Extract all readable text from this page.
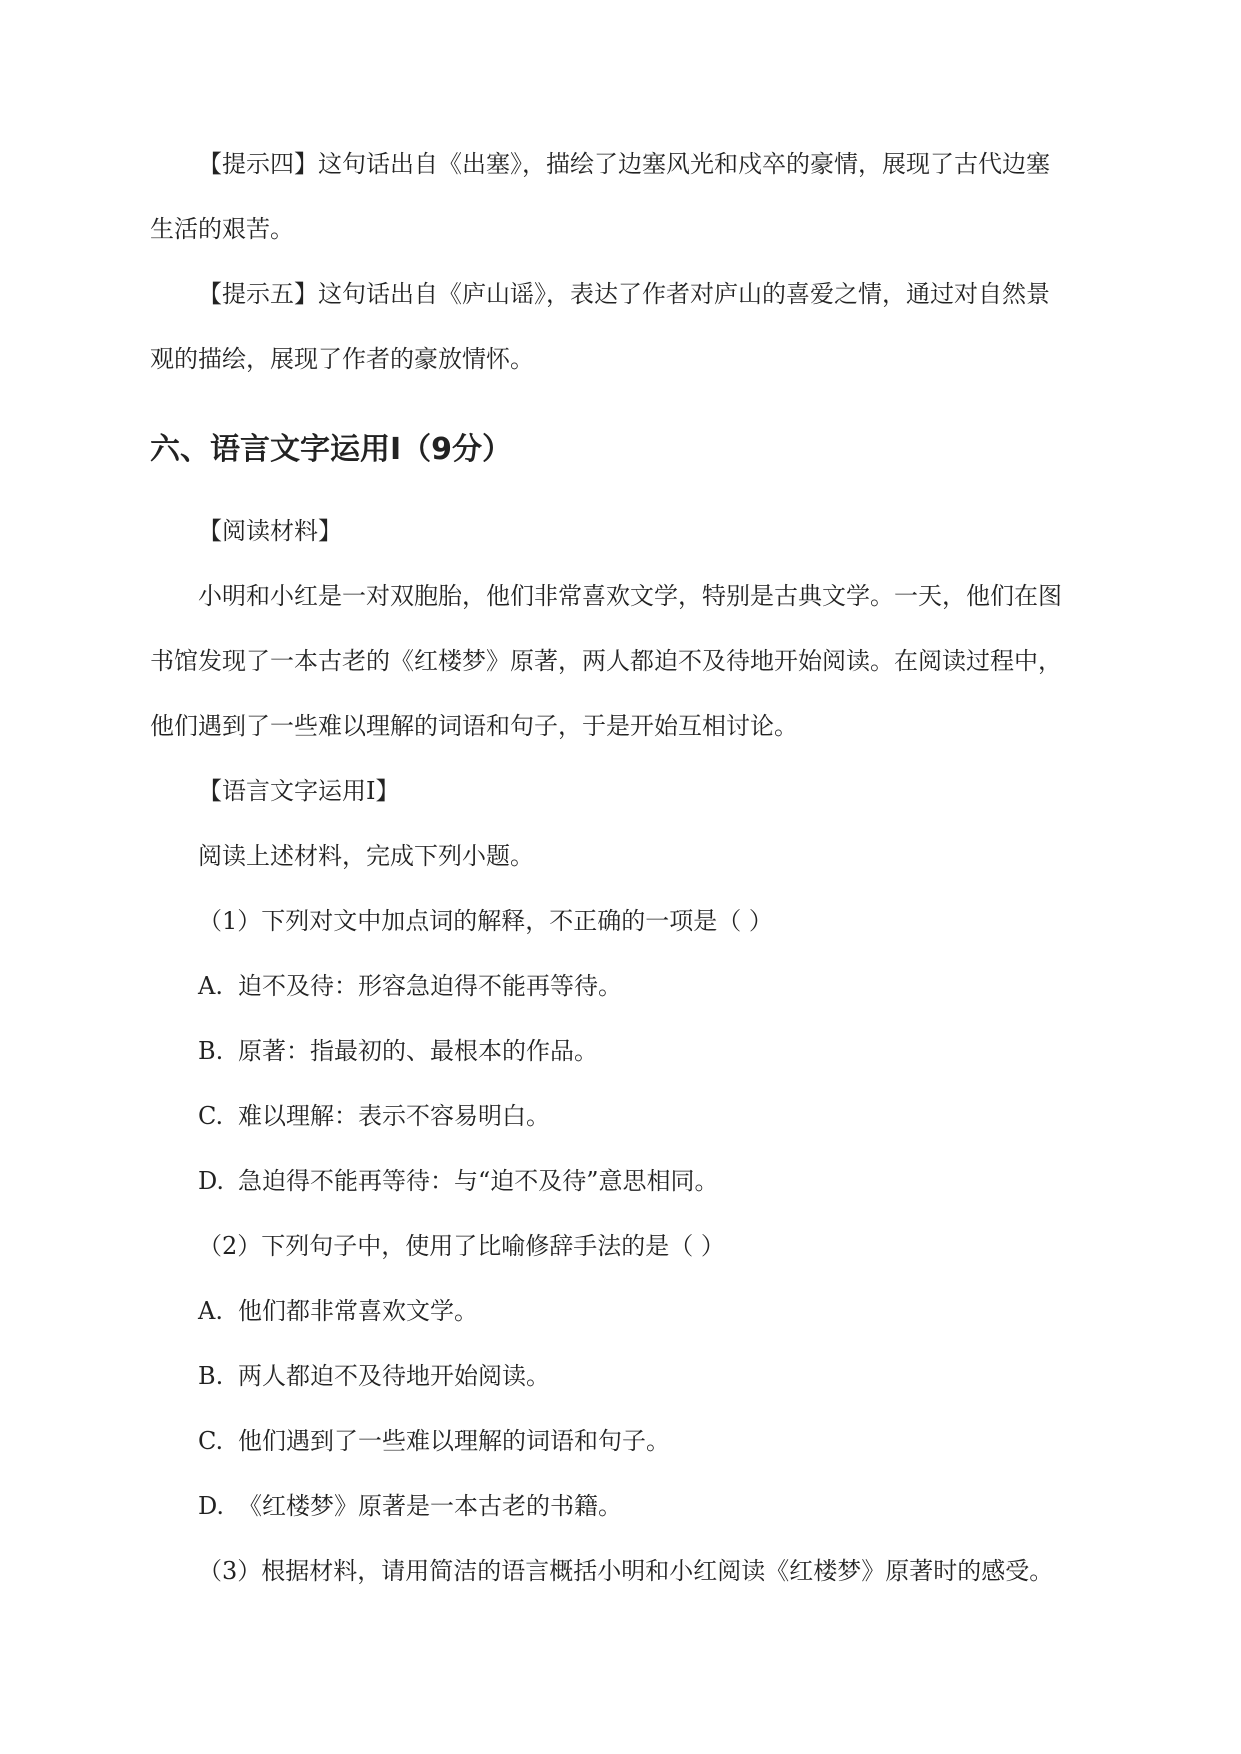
【提示四】这句话出自《出塞》，描绘了边塞风光和戍卒的豪情，展现了古代边塞
生活的艰苦。
【提示五】这句话出自《庐山谣》，表达了作者对庐山的喜爱之情，通过对自然景
观的描绘，展现了作者的豪放情怀。
六、语言文字运用Ⅰ（9分）
【阅读材料】
小明和小红是一对双胞胎，他们非常喜欢文学，特别是古典文学。一天，他们在图
书馆发现了一本古老的《红楼梦》原著，两人都迫不及待地开始阅读。在阅读过程中，
他们遇到了一些难以理解的词语和句子，于是开始互相讨论。
【语言文字运用Ⅰ】
阅读上述材料，完成下列小题。
（1）下列对文中加点词的解释，不正确的一项是（ ）
A. 迫不及待：形容急迫得不能再等待。
B. 原著：指最初的、最根本的作品。
C. 难以理解：表示不容易明白。
D. 急迫得不能再等待：与“迫不及待”意思相同。
（2）下列句子中，使用了比喻修辞手法的是（ ）
A. 他们都非常喜欢文学。
B. 两人都迫不及待地开始阅读。
C. 他们遇到了一些难以理解的词语和句子。
D. 《红楼梦》原著是一本古老的书籍。
（3）根据材料，请用简洁的语言概括小明和小红阅读《红楼梦》原著时的感受。
